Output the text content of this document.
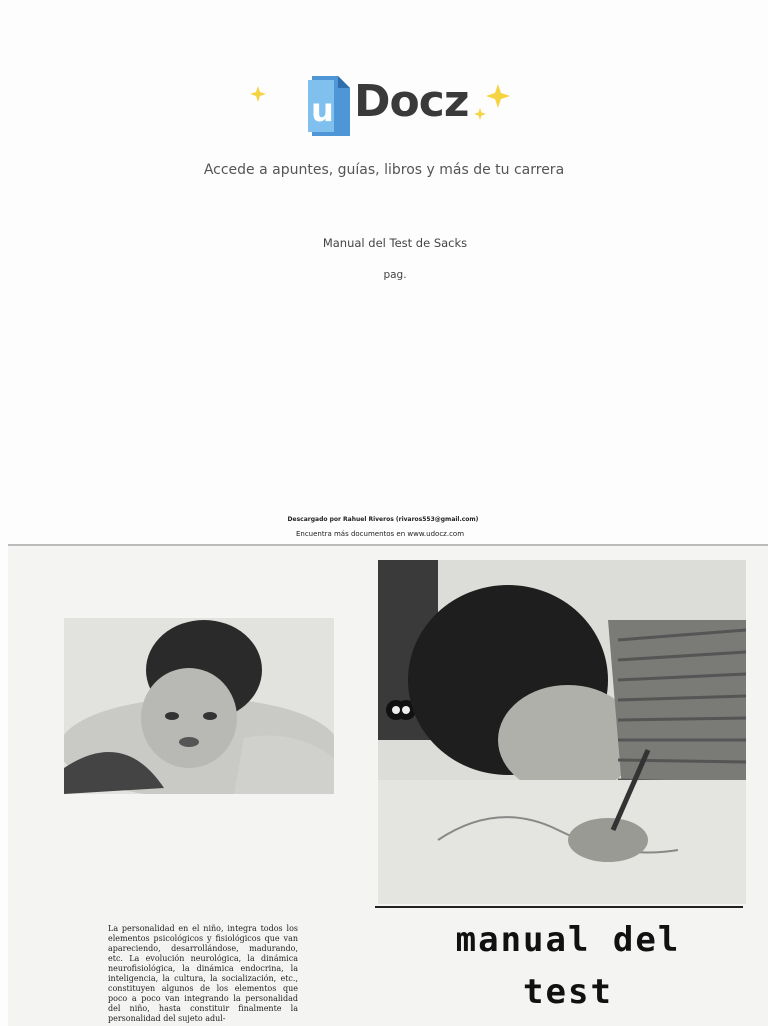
u Docz
Accede a apuntes, guías, libros y más de tu carrera
Manual del Test de Sacks
pag.
Descargado por Rahuel Riveros (rivaros553@gmail.com)
Encuentra más documentos en www.udocz.com
La personalidad en el niño, integra todos los elementos psicológicos y fisiológicos que van apareciendo, desarrollándose, madurando, etc. La evolución neurológica, la dinámica neurofisiológica, la dinámica endocrina, la inteligencia, la cultura, la socialización, etc., constituyen algunos de los elementos que poco a poco van integrando la personalidad del niño, hasta constituir finalmente la personalidad del sujeto adul-
manual del
test
